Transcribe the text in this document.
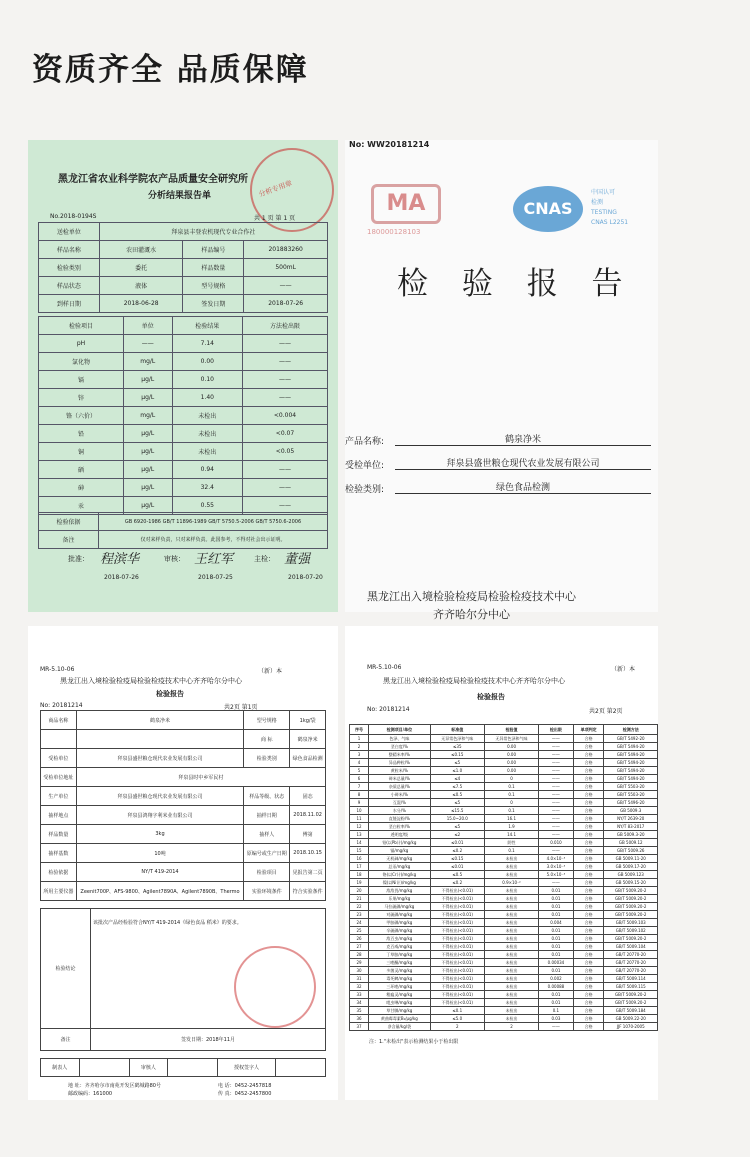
资质齐全 品质保障
分析专用章
黑龙江省农业科学院农产品质量安全研究所
分析结果报告单
No.2018-0194S	共 1 页 第 1 页
送检单位	拜泉县丰登农机现代专业合作社		
样品名称	农田灌溉水	样品编号	201883260
检验类别	委托	样品数量	500mL
样品状态	液体	型号规格	——
到样日期	2018-06-28	签发日期	2018-07-26
检验项目	单位	检验结果	方法检出限
pH	——	7.14	——
氯化物	mg/L	0.00	——
镉	μg/L	0.10	——
锌	μg/L	1.40	——
铬（六价）	mg/L	未检出	<0.004
铅	μg/L	未检出	<0.07
铜	μg/L	未检出	<0.05
硒	μg/L	0.94	——
砷	μg/L	32.4	——
汞	μg/L	0.55	——
检验依据	GB 6920-1986 GB/T 11896-1989 GB/T 5750.5-2006 GB/T 5750.6-2006
备注	仅对来样负责，只对来样负责。此国参考，不得对社会出示证明。
批准： 程滨华	审核： 王红军	主检： 董强
2018-07-26	2018-07-25	2018-07-20
No: WW20181214
MA
180000128103
CNAS
中国认可
检测
TESTING
CNAS L2251
检 验 报 告
产品名称:	鹤泉净米
受检单位:	拜泉县盛世粮仓现代农业发展有限公司
检验类别:	绿色食品检测
黑龙江出入境检验检疫局检验检疫技术中心
齐齐哈尔分中心
MR-5.10-06	（新）本
黑龙江出入境检验检疫局检验检疫技术中心齐齐哈尔分中心
检验报告
No: 20181214	共2页 第1页
商品名称	鹤泉净米	型号规格	1kg/袋
		商 标	鹤泉净米
受检单位	拜泉县盛世粮仓现代农业发展有限公司	检验类别	绿色食品检测
受检单位地址	拜泉县时中乡军民村		
生产单位	拜泉县盛世粮仓现代农业发展有限公司	样品等级、状态	固态
抽样地点	拜泉县鸿翔字利米业有限公司	抽样日期	2018.11.02
样品数量	3kg	抽样人	傅第
抽样基数	10吨	原编号或生产日期	2018.10.15
检验依据	NY/T 419-2014	检验项目	见报告第二页
所用主要仪器	Zeenit700P、AFS-9800、Agilent7890A、Agilent7890B、Thermo	实验环境条件	符合实验条件
检验结论	该批次产品经检验符合NY/T 419-2014《绿色食品 稻米》的要求。
备注	签发日期：2018年11月
制表人		审核人		授权签字人	
地 址：齐齐哈尔市南苑开发区鹤城路80号	电 话：0452-2457818
邮政编码：161000	传 真：0452-2457800
MR-5.10-06	（新）本
黑龙江出入境检验检疫局检验检疫技术中心齐齐哈尔分中心
检验报告
No: 20181214	共2页 第2页
序号	检测项目/单位	标准值	检验值	检出限	单项判定	检测方法
1	色泽、气味	无异常色泽和气味	无异常色泽和气味	——	合格	GB/T 5492-20
2	垩白度/%	≤35	0.00	——	合格	GB/T 5494-20
3	整精米率/%	≤0.15	0.00	——	合格	GB/T 5494-20
4	异品种粒/%	≤5	0.00	——	合格	GB/T 5494-20
5	黄粒米/%	≤1.0	0.00	——	合格	GB/T 5494-20
6	碎米总量/%	≤4	0	——	合格	GB/T 5494-20
7	杂质总量/%	≤7.5	0.1	——	合格	GB/T 5503-20
8	小碎米/%	≤0.5	0.1	——	合格	GB/T 5503-20
9	互混/%	≤5	0	——	合格	GB/T 5496-20
10	水分/%	≤15.5	0.1	——	合格	GB 5009.3
11	直链淀粉/%	15.0~20.0	16.1	——	合格	NY/T 2639-20
12	垩白粒率/%	≤5	1.9	——	合格	NY/T 83-2017
13	透明度/级	≤2	14.1	——	合格	GB 5009.3-20
14	铅(以Pb计)/mg/kg	≤0.01	阴性	0.010	合格	GB 5009.12
15	镉/mg/kg	≤0.2	0.1	——	合格	GB/T 5009.26
16	无机砷/mg/kg	≤0.15	未检出	4.0×10⁻³	合格	GB 5009.11-20
17	总汞/mg/kg	≤0.01	未检出	3.0×10⁻³	合格	GB 5009.17-20
18	铬(以Cr计)/mg/kg	≤0.5	未检出	5.0×10⁻³	合格	GB 5009.123
19	镍(以Ni计)/mg/kg	≤0.2	0.9×10⁻²	——	合格	GB 5009.15-20
20	敌敌畏/mg/kg	不得检出(<0.01)	未检出	0.01	合格	GB/T 5009.20-2
21	乐果/mg/kg	不得检出(<0.01)	未检出	0.01	合格	GB/T 5009.20-2
22	马拉硫磷/mg/kg	不得检出(<0.01)	未检出	0.01	合格	GB/T 5009.20-2
23	对硫磷/mg/kg	不得检出(<0.01)	未检出	0.01	合格	GB/T 5009.20-2
24	甲胺磷/mg/kg	不得检出(<0.01)	未检出	0.004	合格	GB/T 5009.103
25	辛硫磷/mg/kg	不得检出(<0.01)	未检出	0.01	合格	GB/T 5009.102
26	敌百虫/mg/kg	不得检出(<0.01)	未检出	0.01	合格	GB/T 5009.20-2
27	克百威/mg/kg	不得检出(<0.01)	未检出	0.01	合格	GB/T 5009.104
28	丁草胺/mg/kg	不得检出(<0.01)	未检出	0.01	合格	GB/T 20770-20
29	三唑酮/mg/kg	不得检出(<0.01)	未检出	0.00034	合格	GB/T 20770-20
30	多菌灵/mg/kg	不得检出(<0.01)	未检出	0.01	合格	GB/T 20770-20
31	毒死蜱/mg/kg	不得检出(<0.01)	未检出	0.002	合格	GB/T 5009.114
32	三环唑/mg/kg	不得检出(<0.01)	未检出	0.00088	合格	GB/T 5009.115
33	稻瘟灵/mg/kg	不得检出(<0.01)	未检出	0.01	合格	GB/T 5009.20-2
34	吡虫啉/mg/kg	不得检出(<0.01)	未检出	0.01	合格	GB/T 5009.20-2
35	草甘膦/mg/kg	≤0.1	未检出	0.1	合格	GB/T 5009.184
36	黄曲霉毒素B₁/μg/kg	≤5.0	未检出	0.03	合格	GB 5009.22-20
37	净含量/kg/袋	2	2	——	合格	JJF 1070-2005
注：1."未检出"表示检测结果小于检出限
